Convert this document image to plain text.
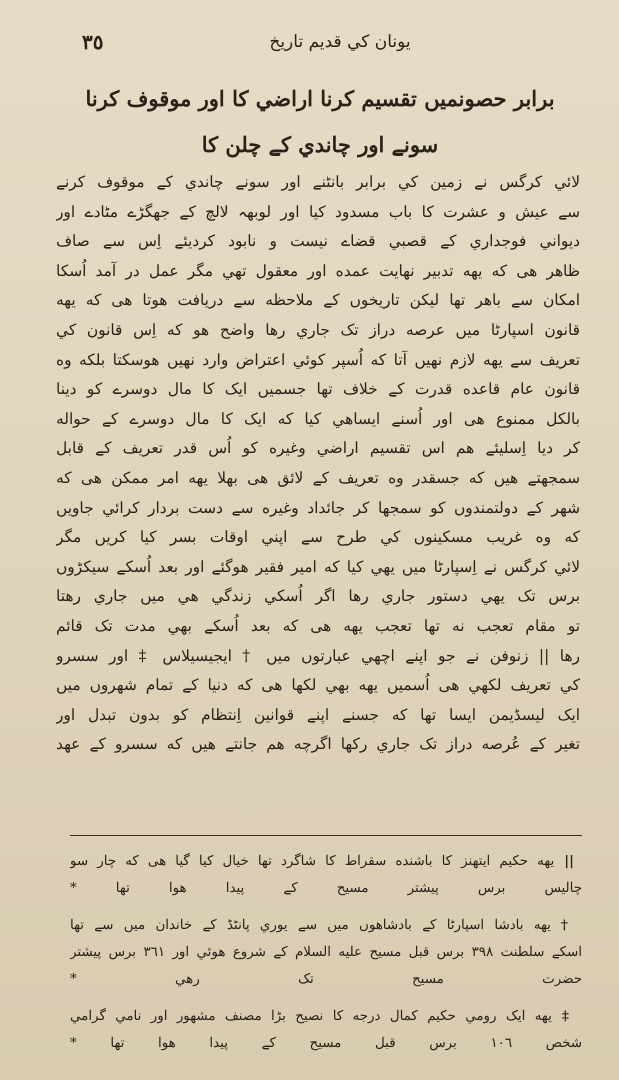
٣٥	یونان کي قدیم تاریخ
برابر حصونمیں تقسیم کرنا اراضي کا اور موقوف کرنا
سونے اور چاندي کے چلن کا
لائي کرگس نے زمین کي برابر بانٹنے اور سونے چاندي کے موقوف کرنے
سے عیش و عشرت کا باب مسدود کیا اور لوبھہ لالچ کے جھگڑے مٹادے اور
دیواني فوجداري کے قصبي قضاے نیست و نابود کردیئے اِس سے صاف
ظاهر هی که یهه تدبیر نهایت عمده اور معقول تهي مگر عمل در آمد اُسکا
امکان سے باهر تها لیکن تاریخوں کے ملاحظه سے دریافت هوتا هی که یهه
قانون اسپارٹا میں عرصه دراز تک جاري رها واضح هو که اِس قانون کي
تعریف سے یهه لازم نهیں آتا که اُسپر کوئي اعتراض وارد نهیں هوسکتا بلکه وه
قانون عام قاعده قدرت کے خلاف تها جسمیں ایک کا مال دوسرے کو دینا
بالکل ممنوع هی اور اُسنے ایساهي کیا که ایک کا مال دوسرے کے حواله
کر دیا اِسلیئے هم اس تقسیم اراضي وغیره کو اُس قدر تعریف کے قابل
سمجهتے هیں که جسقدر وه تعریف کے لائق هی بهلا یهه امر ممکن هی که
شهر کے دولتمندوں کو سمجها کر جائداد وغیره سے دست بردار کرائي جاویں
که وه غریب مسکینوں کي طرح سے اپني اوقات بسر کیا کریں مگر
لائي کرگس نے اِسپارٹا میں یهي کیا که امیر فقیر هوگئے اور بعد اُسکے سیکڑوں
برس تک یهي دستور جاري رها اگر اُسکي زندگي هي میں جاري رهتا
تو مقام تعجب نه تها تعجب یهه هی که بعد اُسکے بهي مدت تک قائم
رها || زنوفن نے جو اپنے اچهي عبارتوں میں † ایجیسیلاس ‡ اور سسرو
کي تعریف لکهي هی اُسمیں یهه بهي لکها هی که دنیا کے تمام شهروں میں
ایک لیسڈیمن ایسا تها که جسنے اپنے قوانین اِنتظام کو بدون تبدل اور
تغیر کے عُرصه دراز تک جاري رکها اگرچه هم جانتے هیں که سسرو کے عهد
||یهه حکیم ایتهنز کا باشنده سقراط کا شاگرد تها خیال کیا گیا هی که چار سو
چالیس برس پیشتر مسیح کے پیدا هوا تها *
†یهه بادشا اسپارٹا کے بادشاهوں میں سے یوري پانٹڈ کے خاندان میں سے تها
اسکے سلطنت ٣٩٨ برس قبل مسیح علیه السلام کے شروع هوئي اور ٣٦١ برس پیشتر
حضرت مسیح تک رهي *
‡یهه ایک رومي حکیم کمال درجه کا نصیح بڑا مصنف مشهور اور نامي گرامي
شخص ١٠٦ برس قبل مسیح کے پیدا هوا تها *
